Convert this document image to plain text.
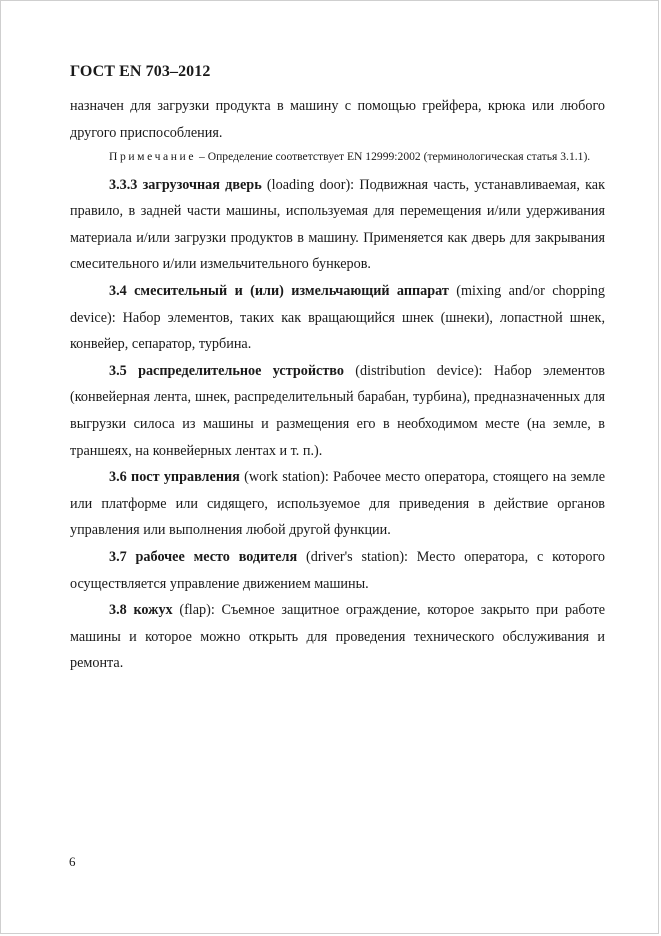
ГОСТ EN 703–2012

назначен для загрузки продукта в машину с помощью грейфера, крюка или любого другого приспособления.

Примечание – Определение соответствует EN 12999:2002 (терминологическая статья 3.1.1).

3.3.3 загрузочная дверь (loading door): Подвижная часть, устанавливаемая, как правило, в задней части машины, используемая для перемещения и/или удерживания материала и/или загрузки продуктов в машину. Применяется как дверь для закрывания смесительного и/или измельчительного бункеров.

3.4 смесительный и (или) измельчающий аппарат (mixing and/or chopping device): Набор элементов, таких как вращающийся шнек (шнеки), лопастной шнек, конвейер, сепаратор, турбина.

3.5 распределительное устройство (distribution device): Набор элементов (конвейерная лента, шнек, распределительный барабан, турбина), предназначенных для выгрузки силоса из машины и размещения его в необходимом месте (на земле, в траншеях, на конвейерных лентах и т. п.).

3.6 пост управления (work station): Рабочее место оператора, стоящего на земле или платформе или сидящего, используемое для приведения в действие органов управления или выполнения любой другой функции.

3.7 рабочее место водителя (driver's station): Место оператора, с которого осуществляется управление движением машины.

3.8 кожух (flap): Съемное защитное ограждение, которое закрыто при работе машины и которое можно открыть для проведения технического обслуживания и ремонта.

6
